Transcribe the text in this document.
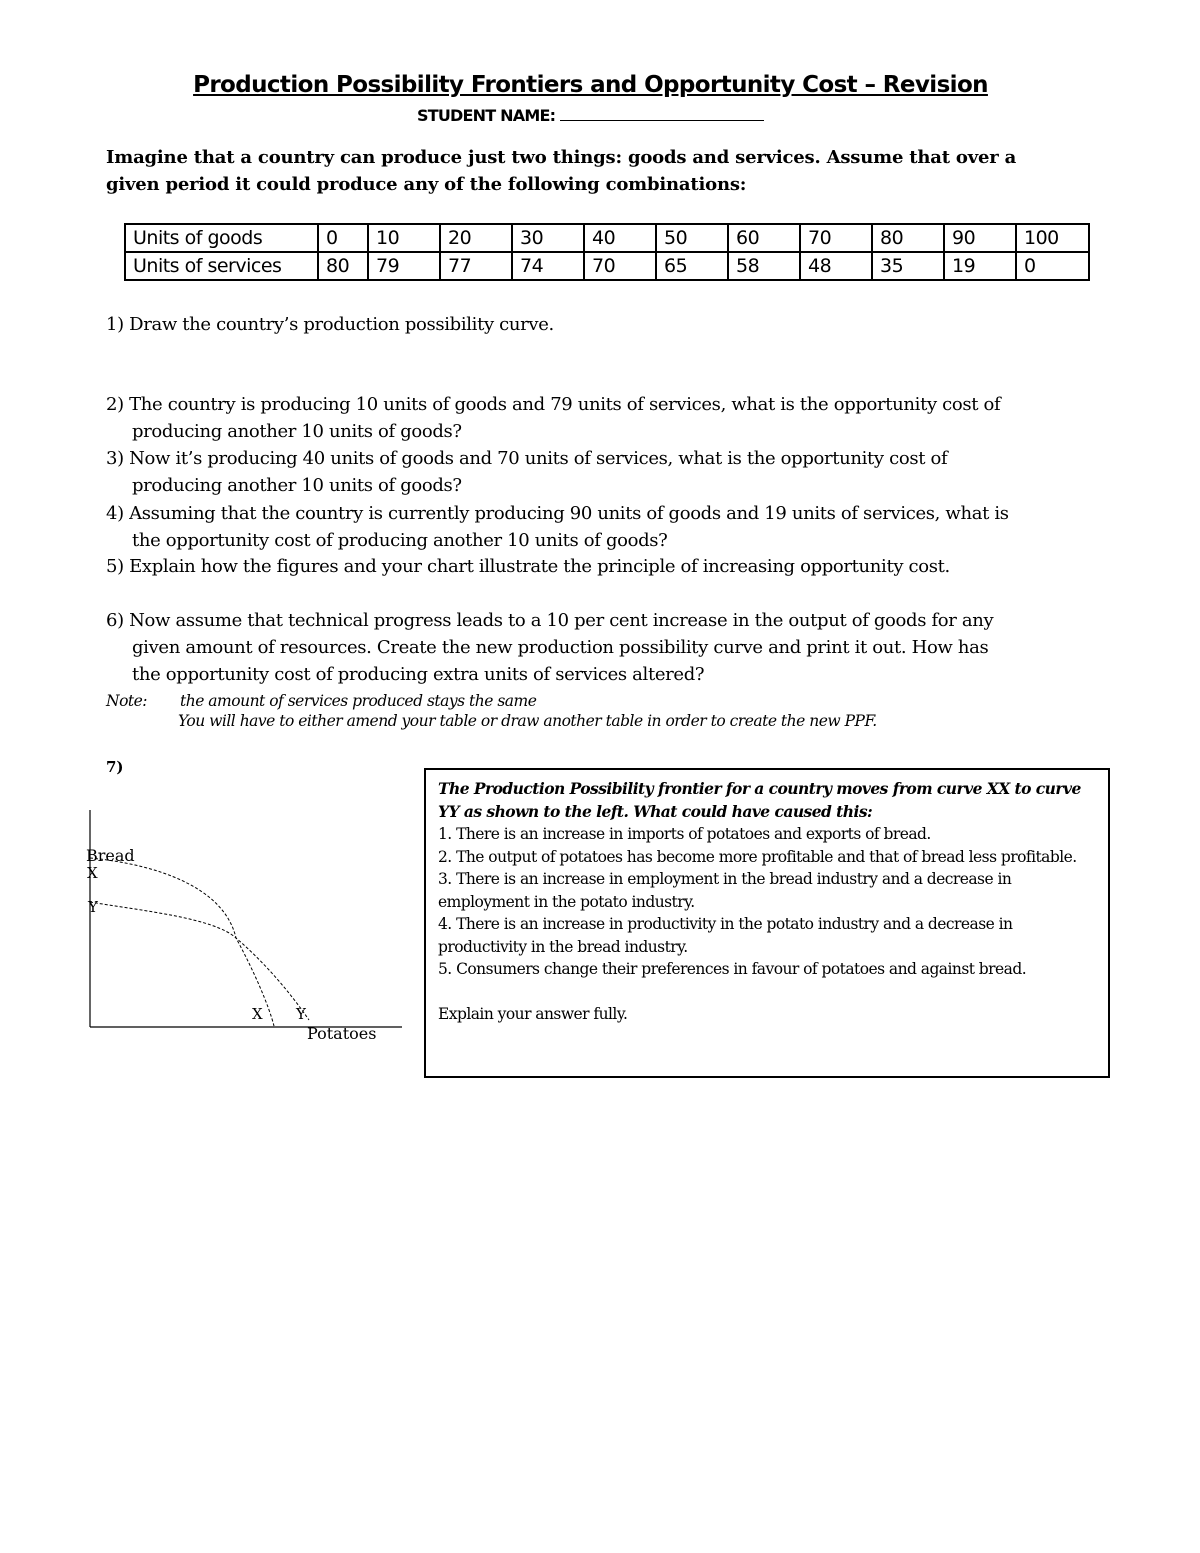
Production Possibility Frontiers and Opportunity Cost – Revision
STUDENT NAME:
Imagine that a country can produce just two things: goods and services. Assume that over a given period it could produce any of the following combinations:
Units of goods	0	10	20	30	40	50	60	70	80	90	100
Units of services	80	79	77	74	70	65	58	48	35	19	0
1) Draw the country’s production possibility curve.
2) The country is producing 10 units of goods and 79 units of services, what is the opportunity cost of
producing another 10 units of goods?
3) Now it’s producing 40 units of goods and 70 units of services, what is the opportunity cost of
producing another 10 units of goods?
4) Assuming that the country is currently producing 90 units of goods and 19 units of services, what is
the opportunity cost of producing another 10 units of goods?
5) Explain how the figures and your chart illustrate the principle of increasing opportunity cost.
6) Now assume that technical progress leads to a 10 per cent increase in the output of goods for any
given amount of resources. Create the new production possibility curve and print it out. How has
the opportunity cost of producing extra units of services altered?
Note: the amount of services produced stays the same
You will have to either amend your table or draw another table in order to create the new PPF.
7)
Bread
X
Y
X Y
Potatoes
The Production Possibility frontier for a country moves from curve XX to curve YY as shown to the left. What could have caused this:
1. There is an increase in imports of potatoes and exports of bread.
2. The output of potatoes has become more profitable and that of bread less profitable.
3. There is an increase in employment in the bread industry and a decrease in employment in the potato industry.
4. There is an increase in productivity in the potato industry and a decrease in productivity in the bread industry.
5. Consumers change their preferences in favour of potatoes and against bread.
Explain your answer fully.
